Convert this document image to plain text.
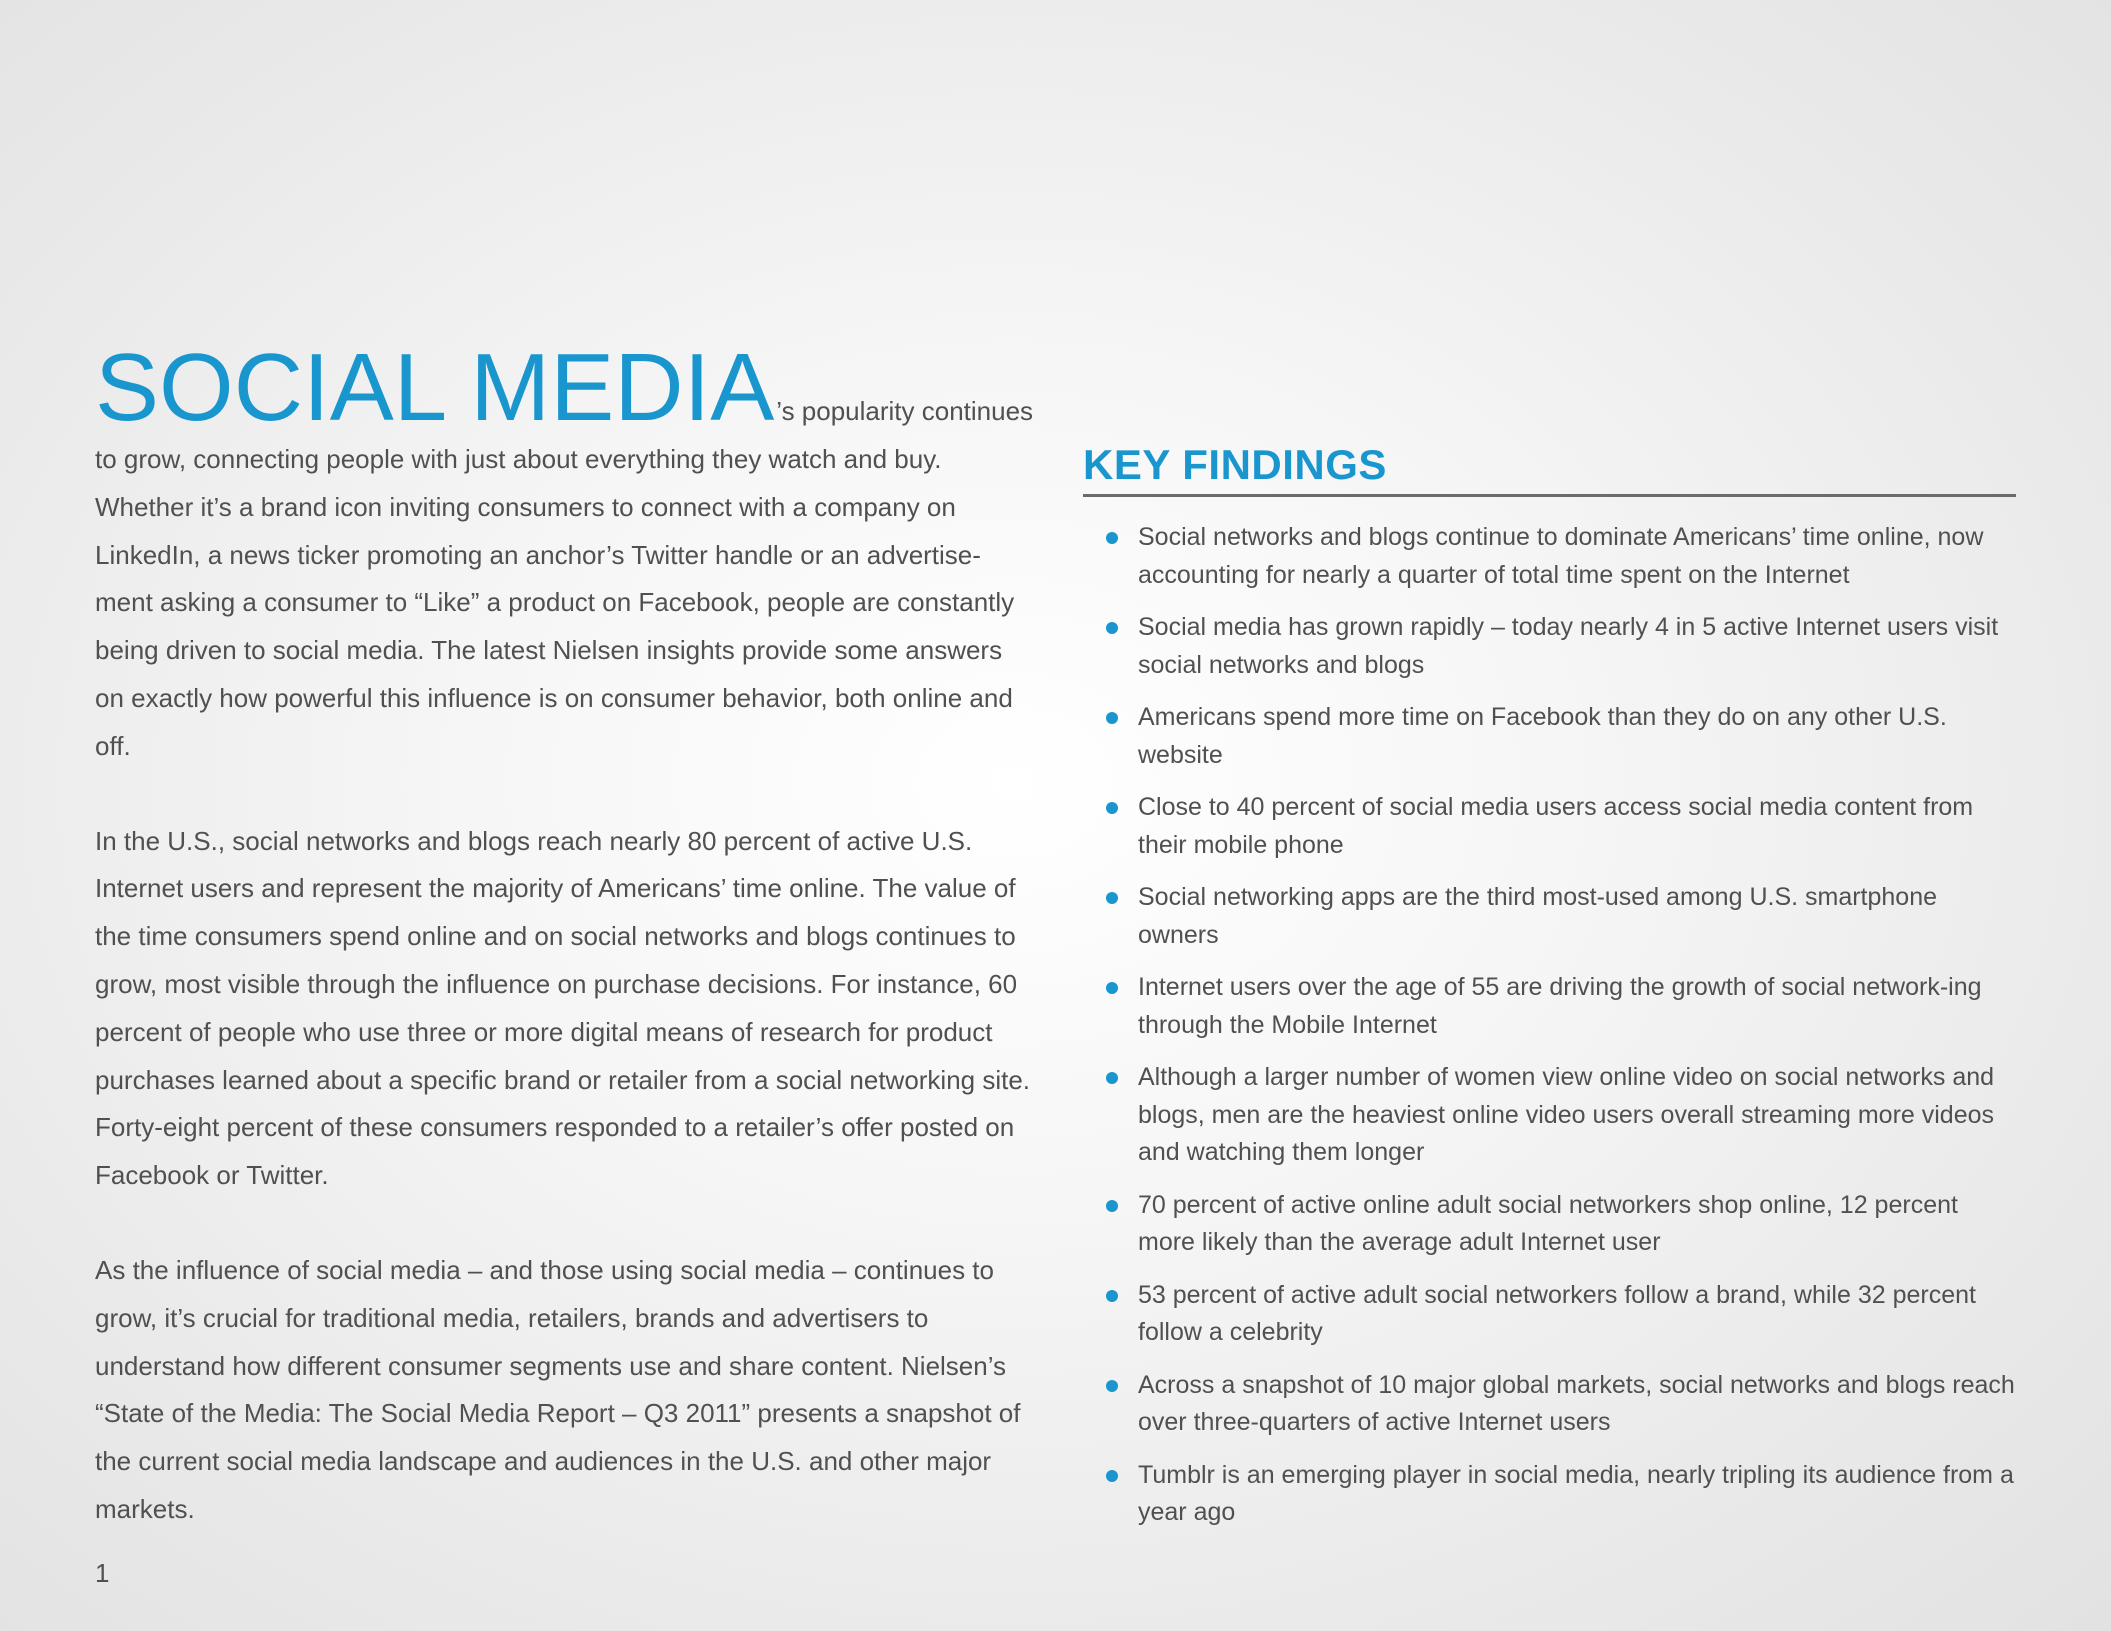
SOCIAL MEDIA’s popularity continues to grow, connecting people with just about everything they watch and buy. Whether it’s a brand icon inviting consumers to connect with a company on LinkedIn, a news ticker promoting an anchor’s Twitter handle or an advertise-ment asking a consumer to “Like” a product on Facebook, people are constantly being driven to social media. The latest Nielsen insights provide some answers on exactly how powerful this influence is on consumer behavior, both online and off.

In the U.S., social networks and blogs reach nearly 80 percent of active U.S. Internet users and represent the majority of Americans’ time online. The value of the time consumers spend online and on social networks and blogs continues to grow, most visible through the influence on purchase decisions. For instance, 60 percent of people who use three or more digital means of research for product purchases learned about a specific brand or retailer from a social networking site. Forty-eight percent of these consumers responded to a retailer’s offer posted on Facebook or Twitter.

As the influence of social media – and those using social media – continues to grow, it’s crucial for traditional media, retailers, brands and advertisers to understand how different consumer segments use and share content. Nielsen’s “State of the Media: The Social Media Report – Q3 2011” presents a snapshot of the current social media landscape and audiences in the U.S. and other major markets.

1
KEY FINDINGS
Social networks and blogs continue to dominate Americans’ time online, now accounting for nearly a quarter of total time spent on the Internet
Social media has grown rapidly – today nearly 4 in 5 active Internet users visit social networks and blogs
Americans spend more time on Facebook than they do on any other U.S. website
Close to 40 percent of social media users access social media content from their mobile phone
Social networking apps are the third most-used among U.S. smartphone owners
Internet users over the age of 55 are driving the growth of social network-ing through the Mobile Internet
Although a larger number of women view online video on social networks and blogs, men are the heaviest online video users overall streaming more videos and watching them longer
70 percent of active online adult social networkers shop online, 12 percent more likely than the average adult Internet user
53 percent of active adult social networkers follow a brand, while 32 percent follow a celebrity
Across a snapshot of 10 major global markets, social networks and blogs reach over three-quarters of active Internet users
Tumblr is an emerging player in social media, nearly tripling its audience from a year ago
